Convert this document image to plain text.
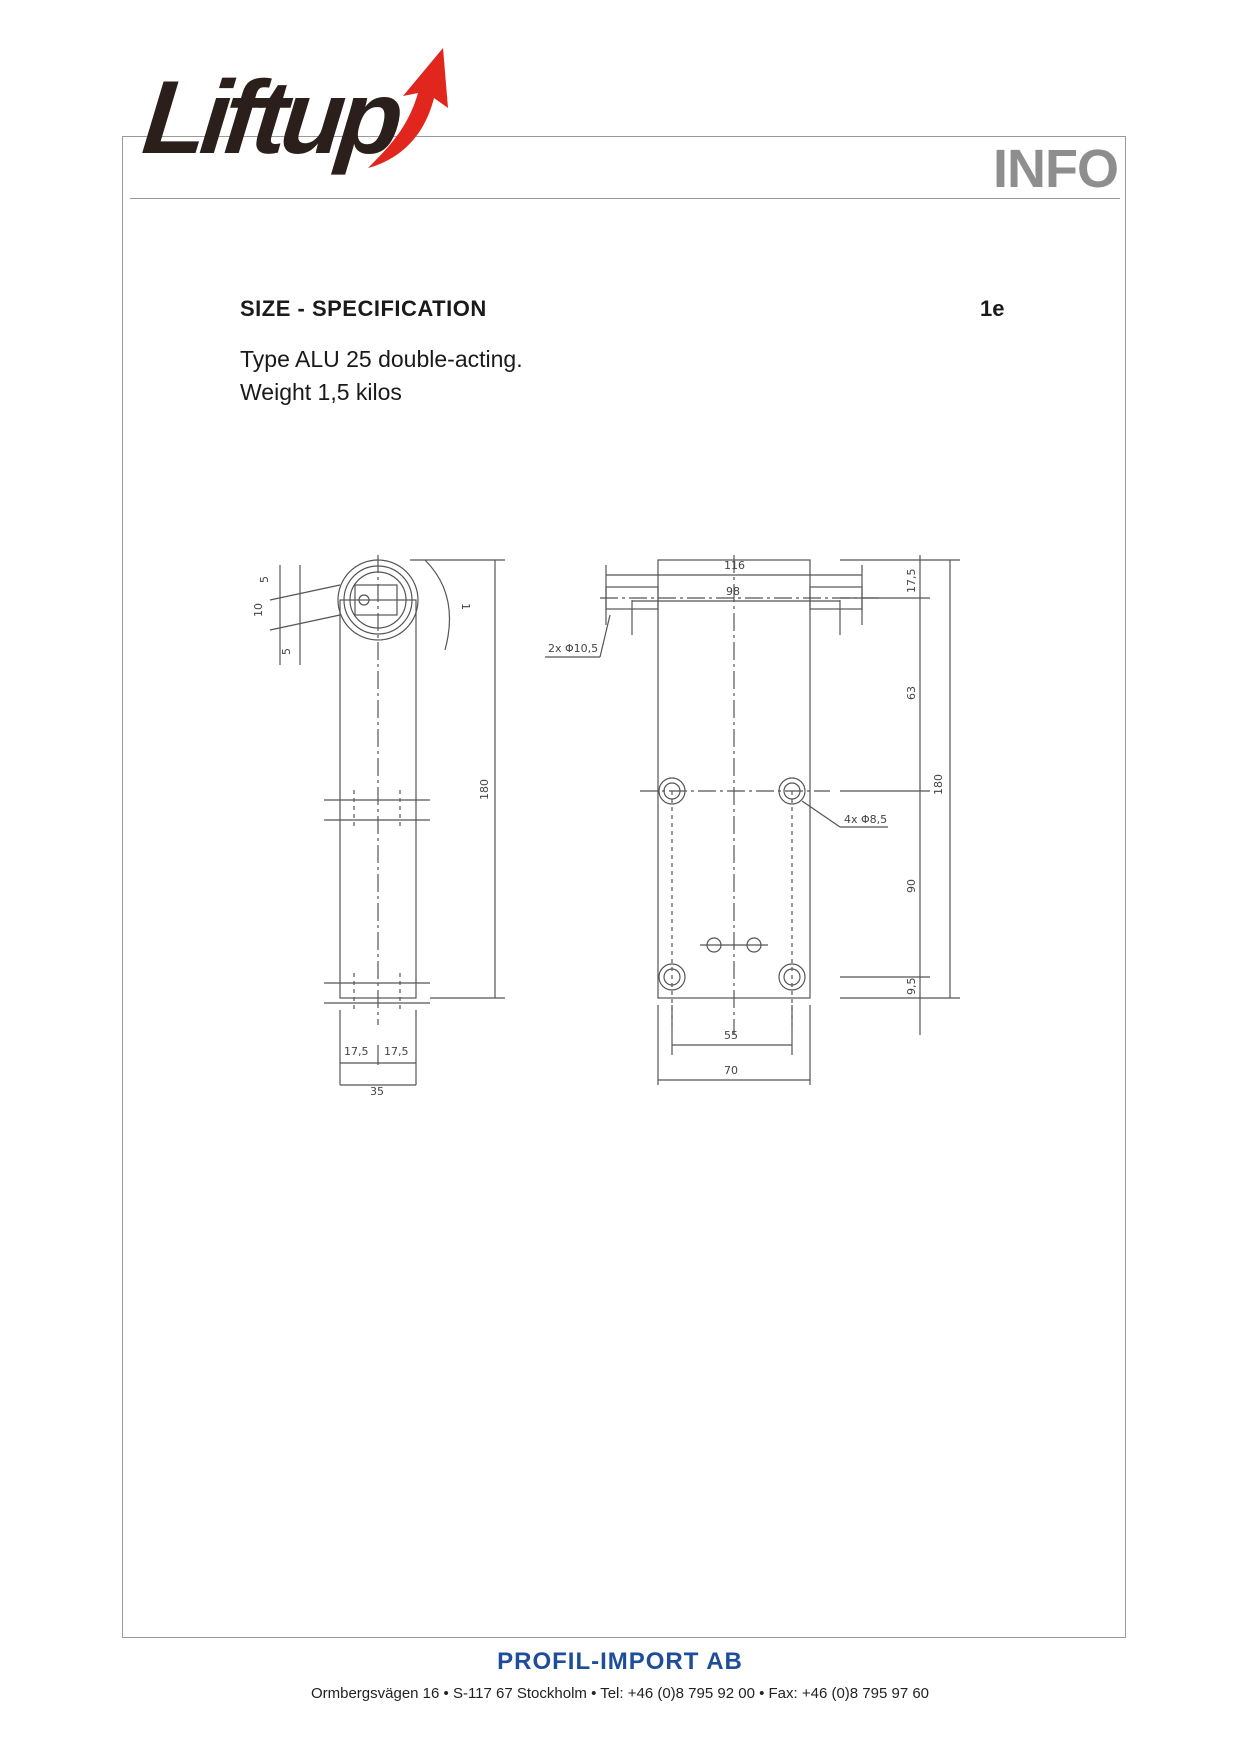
Liftup	INFO
SIZE - SPECIFICATION	1e
Type ALU 25 double-acting.
Weight 1,5 kilos
5
10
5
1
180
17,5 17,5
35
116
98
2x Φ10,5
4x Φ8,5
17,5
63
90
9,5
180
55
70
PROFIL-IMPORT AB
Ormbergsvägen 16 • S-117 67 Stockholm • Tel: +46 (0)8 795 92 00 • Fax: +46 (0)8 795 97 60
